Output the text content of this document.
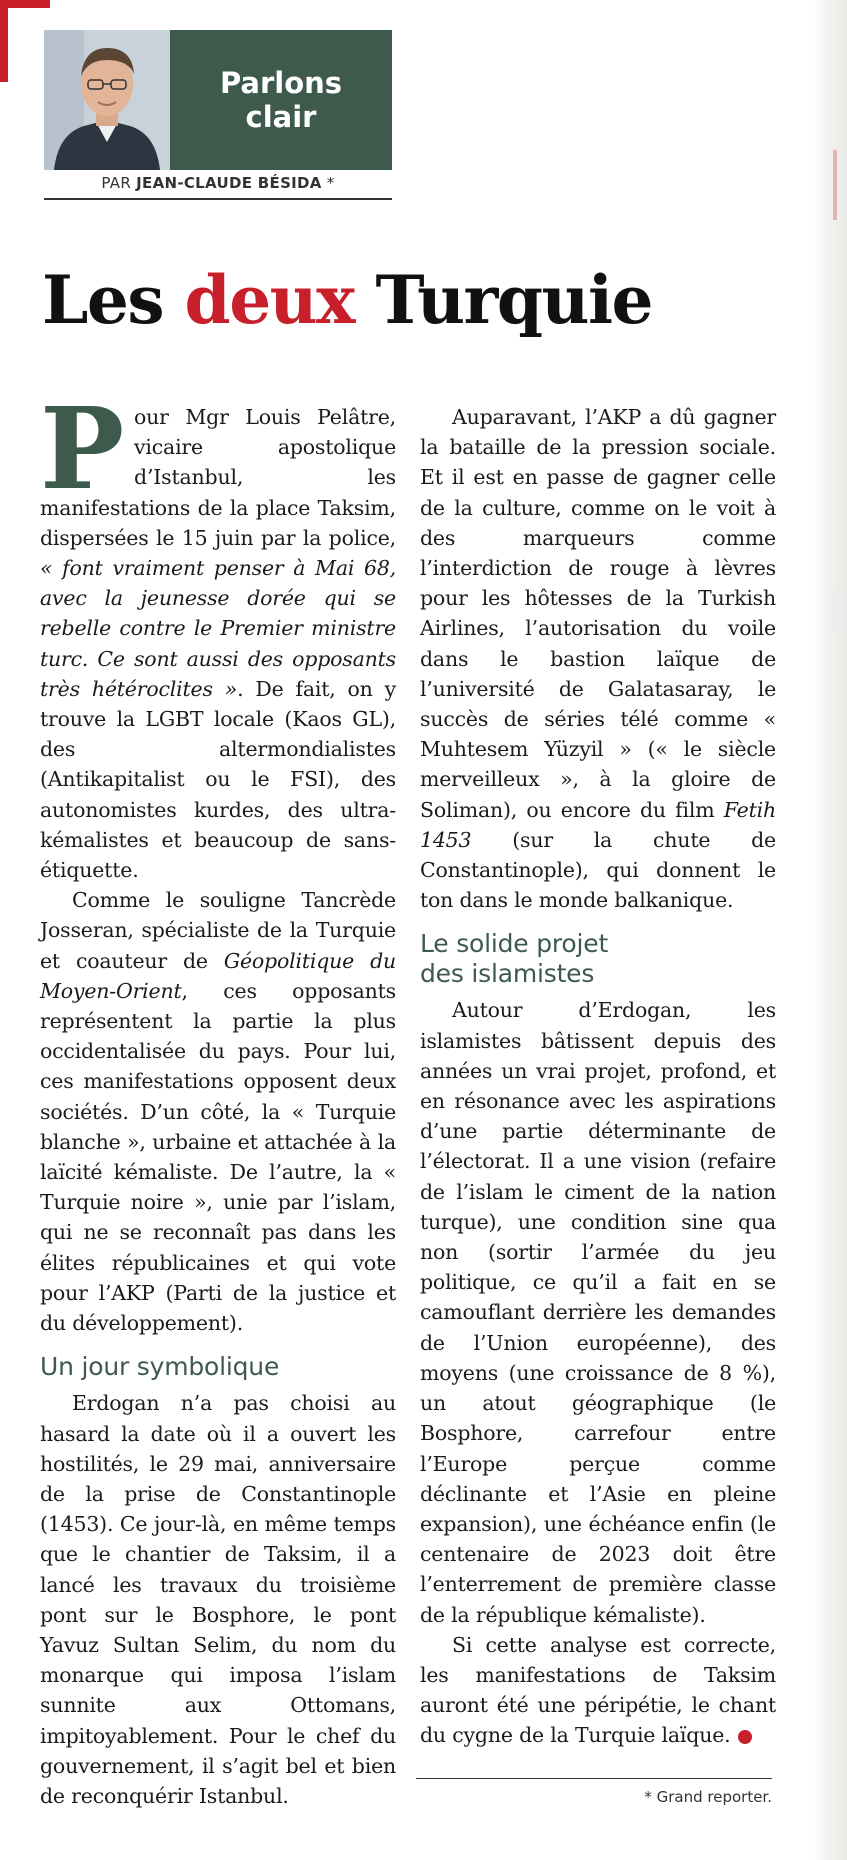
Parlons
clair
PAR JEAN-CLAUDE BÉSIDA *
Les deux Turquie

Pour Mgr Louis Pelâtre, vicaire apostolique d’Istanbul, les manifestations de la place Taksim, dispersées le 15 juin par la police, « font vraiment penser à Mai 68, avec la jeunesse dorée qui se rebelle contre le Premier ministre turc. Ce sont aussi des opposants très hétéroclites ». De fait, on y trouve la LGBT locale (Kaos GL), des altermondialistes (Antikapitalist ou le FSI), des autonomistes kurdes, des ultra-kémalistes et beaucoup de sans-étiquette.

Comme le souligne Tancrède Josseran, spécialiste de la Turquie et coauteur de Géopolitique du Moyen-Orient, ces opposants représentent la partie la plus occidentalisée du pays. Pour lui, ces manifestations opposent deux sociétés. D’un côté, la « Turquie blanche », urbaine et attachée à la laïcité kémaliste. De l’autre, la « Turquie noire », unie par l’islam, qui ne se reconnaît pas dans les élites républicaines et qui vote pour l’AKP (Parti de la justice et du développement).

Un jour symbolique

Erdogan n’a pas choisi au hasard la date où il a ouvert les hostilités, le 29 mai, anniversaire de la prise de Constantinople (1453). Ce jour-là, en même temps que le chantier de Taksim, il a lancé les travaux du troisième pont sur le Bosphore, le pont Yavuz Sultan Selim, du nom du monarque qui imposa l’islam sunnite aux Ottomans, impitoyablement. Pour le chef du gouvernement, il s’agit bel et bien de reconquérir Istanbul.

Auparavant, l’AKP a dû gagner la bataille de la pression sociale. Et il est en passe de gagner celle de la culture, comme on le voit à des marqueurs comme l’interdiction de rouge à lèvres pour les hôtesses de la Turkish Airlines, l’autorisation du voile dans le bastion laïque de l’université de Galatasaray, le succès de séries télé comme « Muhtesem Yüzyil » (« le siècle merveilleux », à la gloire de Soliman), ou encore du film Fetih 1453 (sur la chute de Constantinople), qui donnent le ton dans le monde balkanique.

Le solide projet
des islamistes

Autour d’Erdogan, les islamistes bâtissent depuis des années un vrai projet, profond, et en résonance avec les aspirations d’une partie déterminante de l’électorat. Il a une vision (refaire de l’islam le ciment de la nation turque), une condition sine qua non (sortir l’armée du jeu politique, ce qu’il a fait en se camouflant derrière les demandes de l’Union européenne), des moyens (une croissance de 8 %), un atout géographique (le Bosphore, carrefour entre l’Europe perçue comme déclinante et l’Asie en pleine expansion), une échéance enfin (le centenaire de 2023 doit être l’enterrement de première classe de la république kémaliste).

Si cette analyse est correcte, les manifestations de Taksim auront été une péripétie, le chant du cygne de la Turquie laïque.

* Grand reporter.
